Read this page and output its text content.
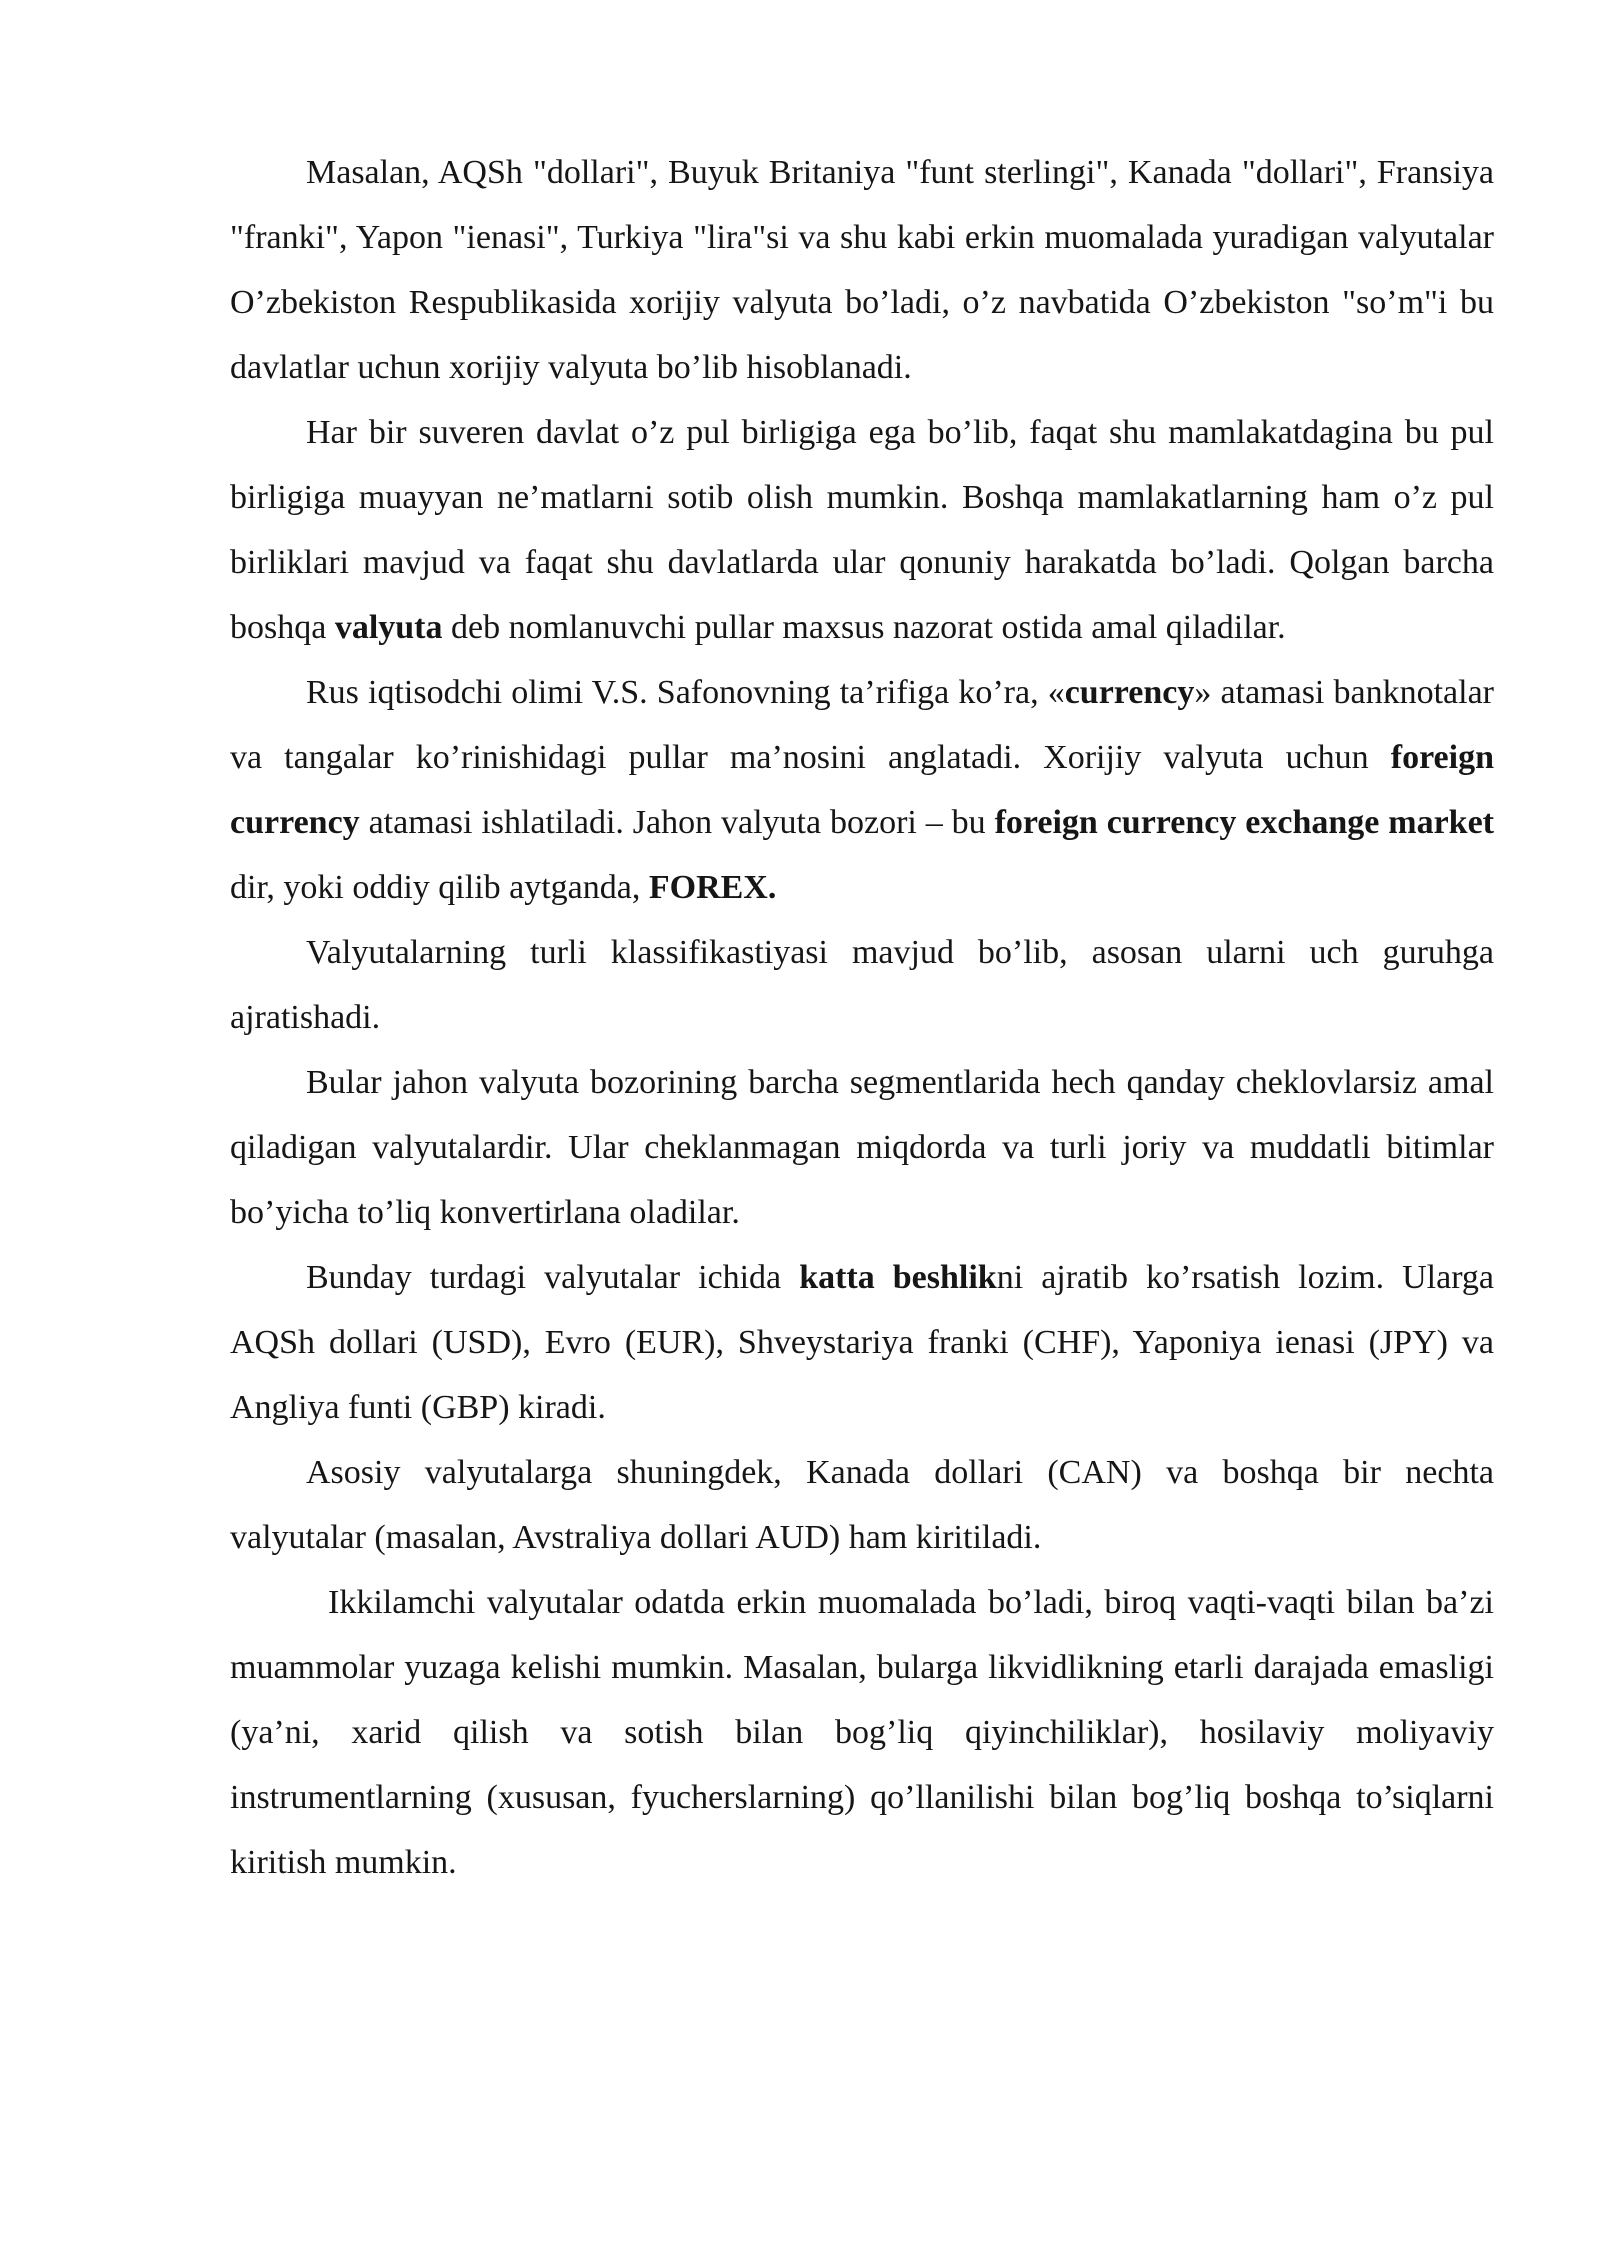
Masalan, AQSh "dollari", Buyuk Britaniya "funt sterlingi", Kanada "dollari", Fransiya "franki", Yapon "ienasi", Turkiya "lira"si va shu kabi erkin muomalada yuradigan valyutalar O’zbekiston Respublikasida xorijiy valyuta bo’ladi, o’z navbatida O’zbekiston "so’m"i bu davlatlar uchun xorijiy valyuta bo’lib hisoblanadi.

Har bir suveren davlat o’z pul birligiga ega bo’lib, faqat shu mamlakatdagina bu pul birligiga muayyan ne’matlarni sotib olish mumkin. Boshqa mamlakatlarning ham o’z pul birliklari mavjud va faqat shu davlatlarda ular qonuniy harakatda bo’ladi. Qolgan barcha boshqa valyuta deb nomlanuvchi pullar maxsus nazorat ostida amal qiladilar.

Rus iqtisodchi olimi V.S. Safonovning ta’rifiga ko’ra, «currency» atamasi banknotalar va tangalar ko’rinishidagi pullar ma’nosini anglatadi. Xorijiy valyuta uchun foreign currency atamasi ishlatiladi. Jahon valyuta bozori – bu foreign currency exchange market dir, yoki oddiy qilib aytganda, FOREX.

Valyutalarning turli klassifikastiyasi mavjud bo’lib, asosan ularni uch guruhga ajratishadi.

Bular jahon valyuta bozorining barcha segmentlarida hech qanday cheklovlarsiz amal qiladigan valyutalardir. Ular cheklanmagan miqdorda va turli joriy va muddatli bitimlar bo’yicha to’liq konvertirlana oladilar.

Bunday turdagi valyutalar ichida katta beshlikni ajratib ko’rsatish lozim. Ularga AQSh dollari (USD), Evro (EUR), Shveystariya franki (CHF), Yaponiya ienasi (JPY) va Angliya funti (GBP) kiradi.

Asosiy valyutalarga shuningdek, Kanada dollari (CAN) va boshqa bir nechta valyutalar (masalan, Avstraliya dollari AUD) ham kiritiladi.

Ikkilamchi valyutalar odatda erkin muomalada bo’ladi, biroq vaqti-vaqti bilan ba’zi muammolar yuzaga kelishi mumkin. Masalan, bularga likvidlikning etarli darajada emasligi (ya’ni, xarid qilish va sotish bilan bog’liq qiyinchiliklar), hosilaviy moliyaviy instrumentlarning (xususan, fyucherslarning) qo’llanilishi bilan bog’liq boshqa to’siqlarni kiritish mumkin.
